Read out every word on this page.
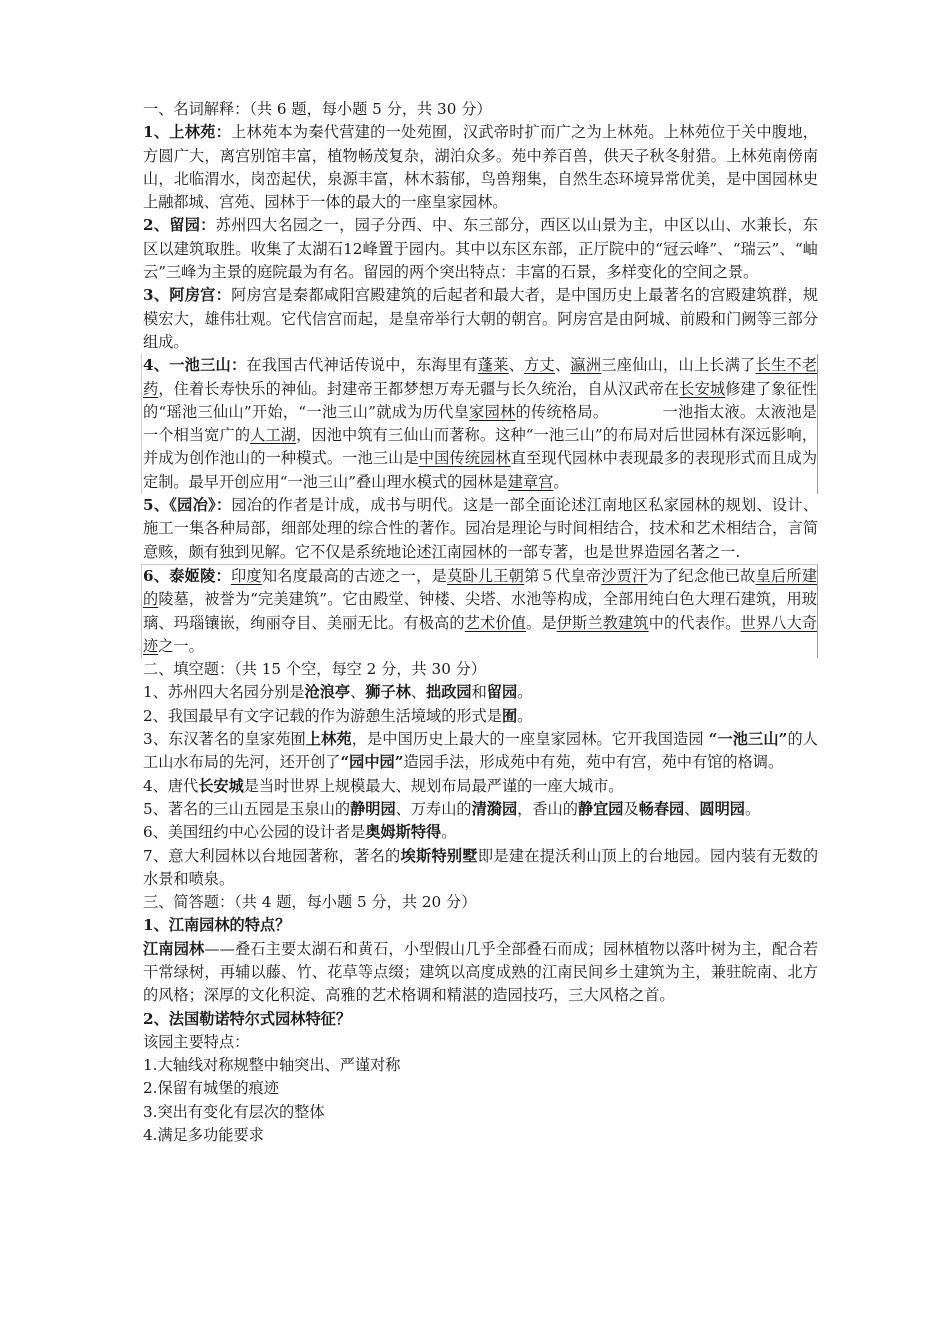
一、名词解释：（共 6 题，每小题 5 分，共 30 分）

1、上林苑：上林苑本为秦代营建的一处苑囿，汉武帝时扩而广之为上林苑。上林苑位于关中腹地，方圆广大，离宫别馆丰富，植物畅茂复杂，湖泊众多。苑中养百兽，供天子秋冬射猎。上林苑南傍南山，北临渭水，岗峦起伏，泉源丰富，林木蓊郁，鸟兽翔集，自然生态环境异常优美，是中国园林史上融都城、宫苑、园林于一体的最大的一座皇家园林。

2、留园：苏州四大名园之一，园子分西、中、东三部分，西区以山景为主，中区以山、水兼长，东区以建筑取胜。收集了太湖石12峰置于园内。其中以东区东部，正厅院中的“冠云峰”、“瑞云”、“岫云”三峰为主景的庭院最为有名。留园的两个突出特点：丰富的石景，多样变化的空间之景。

3、阿房宫：阿房宫是秦都咸阳宫殿建筑的后起者和最大者，是中国历史上最著名的宫殿建筑群，规模宏大，雄伟壮观。它代信宫而起，是皇帝举行大朝的朝宫。阿房宫是由阿城、前殿和门阙等三部分组成。

4、一池三山：在我国古代神话传说中，东海里有蓬莱、方丈、瀛洲三座仙山，山上长满了长生不老药，住着长寿快乐的神仙。封建帝王都梦想万寿无疆与长久统治，自从汉武帝在长安城修建了象征性的“瑶池三仙山”开始，“一池三山”就成为历代皇家园林的传统格局。　　　　一池指太液。太液池是一个相当宽广的人工湖，因池中筑有三仙山而著称。这种“一池三山”的布局对后世园林有深远影响，并成为创作池山的一种模式。一池三山是中国传统园林直至现代园林中表现最多的表现形式而且成为定制。最早开创应用“一池三山”叠山理水模式的园林是建章宫。

5、《园冶》：园冶的作者是计成，成书与明代。这是一部全面论述江南地区私家园林的规划、设计、施工一集各种局部，细部处理的综合性的著作。园冶是理论与时间相结合，技术和艺术相结合，言简意赅，颇有独到见解。它不仅是系统地论述江南园林的一部专著，也是世界造园名著之一.

6、泰姬陵：印度知名度最高的古迹之一，是莫卧儿王朝第５代皇帝沙贾汗为了纪念他已故皇后所建的陵墓，被誉为“完美建筑”。它由殿堂、钟楼、尖塔、水池等构成，全部用纯白色大理石建筑，用玻璃、玛瑙镶嵌，绚丽夺目、美丽无比。有极高的艺术价值。是伊斯兰教建筑中的代表作。世界八大奇迹之一。

二、填空题：（共 15 个空，每空 2 分，共 30 分）

1、苏州四大名园分别是沧浪亭、狮子林、拙政园和留园。

2、我国最早有文字记载的作为游憩生活境域的形式是囿。

3、东汉著名的皇家苑囿上林苑，是中国历史上最大的一座皇家园林。它开我国造园 “一池三山”的人工山水布局的先河，还开创了“园中园”造园手法，形成苑中有苑，苑中有宫，苑中有馆的格调。

4、唐代长安城是当时世界上规模最大、规划布局最严谨的一座大城市。

5、著名的三山五园是玉泉山的静明园、万寿山的清漪园，香山的静宜园及畅春园、圆明园。

6、美国纽约中心公园的设计者是奥姆斯特得。

7、意大利园林以台地园著称，著名的埃斯特别墅即是建在提沃利山顶上的台地园。园内装有无数的水景和喷泉。

三、简答题：（共 4 题，每小题 5 分，共 20 分）

1、江南园林的特点？

江南园林——叠石主要太湖石和黄石，小型假山几乎全部叠石而成；园林植物以落叶树为主，配合若干常绿树，再辅以藤、竹、花草等点缀；建筑以高度成熟的江南民间乡土建筑为主，兼驻皖南、北方的风格；深厚的文化积淀、高雅的艺术格调和精湛的造园技巧，三大风格之首。

2、法国勒诺特尔式园林特征？

该园主要特点：

1.大轴线对称规整中轴突出、严谨对称

2.保留有城堡的痕迹

3.突出有变化有层次的整体

4.满足多功能要求
